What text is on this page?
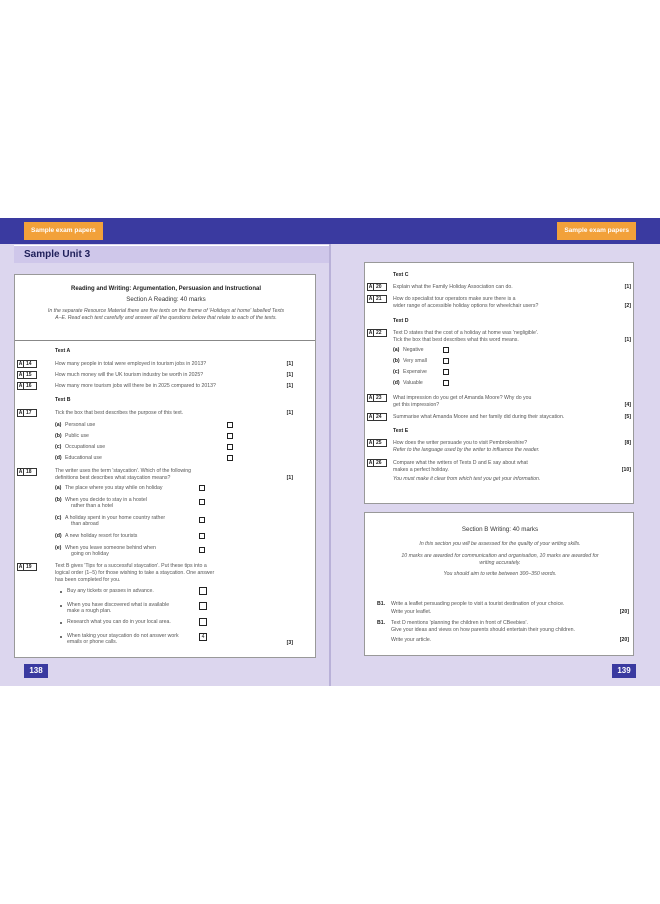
Sample exam papers	Sample exam papers
Sample Unit 3
Reading and Writing: Argumentation, Persuasion and Instructional
Section A Reading: 40 marks
In the separate Resource Material there are five texts on the theme of 'Holidays at home' labelled Texts A–E. Read each text carefully and answer all the questions below that relate to each of the texts.
Text A
A 14	How many people in total were employed in tourism jobs in 2013?	[1]
A 15	How much money will the UK tourism industry be worth in 2025?	[1]
A 16	How many more tourism jobs will there be in 2025 compared to 2013?	[1]
Text B
A 17	Tick the box that best describes the purpose of this text.	[1]
(a) Personal use
(b) Public use
(c) Occupational use
(d) Educational use
A 18	The writer uses the term 'staycation'. Which of the following
definitions best describes what staycation means?	[1]
(a) The place where you stay while on holiday
(b) When you decide to stay in a hostel
rather than a hotel
(c) A holiday spent in your home country rather
than abroad
(d) A new holiday resort for tourists
(e) When you leave someone behind when
going on holiday
A 19	Text B gives 'Tips for a successful staycation'. Put these tips into a
logical order (1–5) for those wishing to take a staycation. One answer
has been completed for you.
Buy any tickets or passes in advance.
When you have discovered what is available
make a rough plan.
Research what you can do in your local area.
When taking your staycation do not answer work
emails or phone calls.
4
[3]
Text C
A 20	Explain what the Family Holiday Association can do.	[1]
A 21	How do specialist tour operators make sure there is a
wider range of accessible holiday options for wheelchair users?	[2]
Text D
A 22	Text D states that the cost of a holiday at home was 'negligible'.
Tick the box that best describes what this word means.	[1]
(a) Negative
(b) Very small
(c) Expensive
(d) Valuable
A 23	What impression do you get of Amanda Moore? Why do you
get this impression?	[4]
A 24	Summarise what Amanda Moore and her family did during their staycation.	[5]
Text E
A 25	How does the writer persuade you to visit Pembrokeshire?
Refer to the language used by the writer to influence the reader.
[8]
A 26	Compare what the writers of Texts D and E say about what
makes a perfect holiday.
You must make it clear from which text you get your information.
[10]
Section B Writing: 40 marks
In this section you will be assessed for the quality of your writing skills.
10 marks are awarded for communication and organisation, 10 marks are awarded for writing accurately.
You should aim to write between 300–350 words.
B1. Write a leaflet persuading people to visit a tourist destination of your choice.
Write your leaflet.	[20]
B1. Text D mentions 'planning the children in front of CBeebies'.
Give your ideas and views on how parents should entertain their young children.
Write your article.	[20]
138	139
